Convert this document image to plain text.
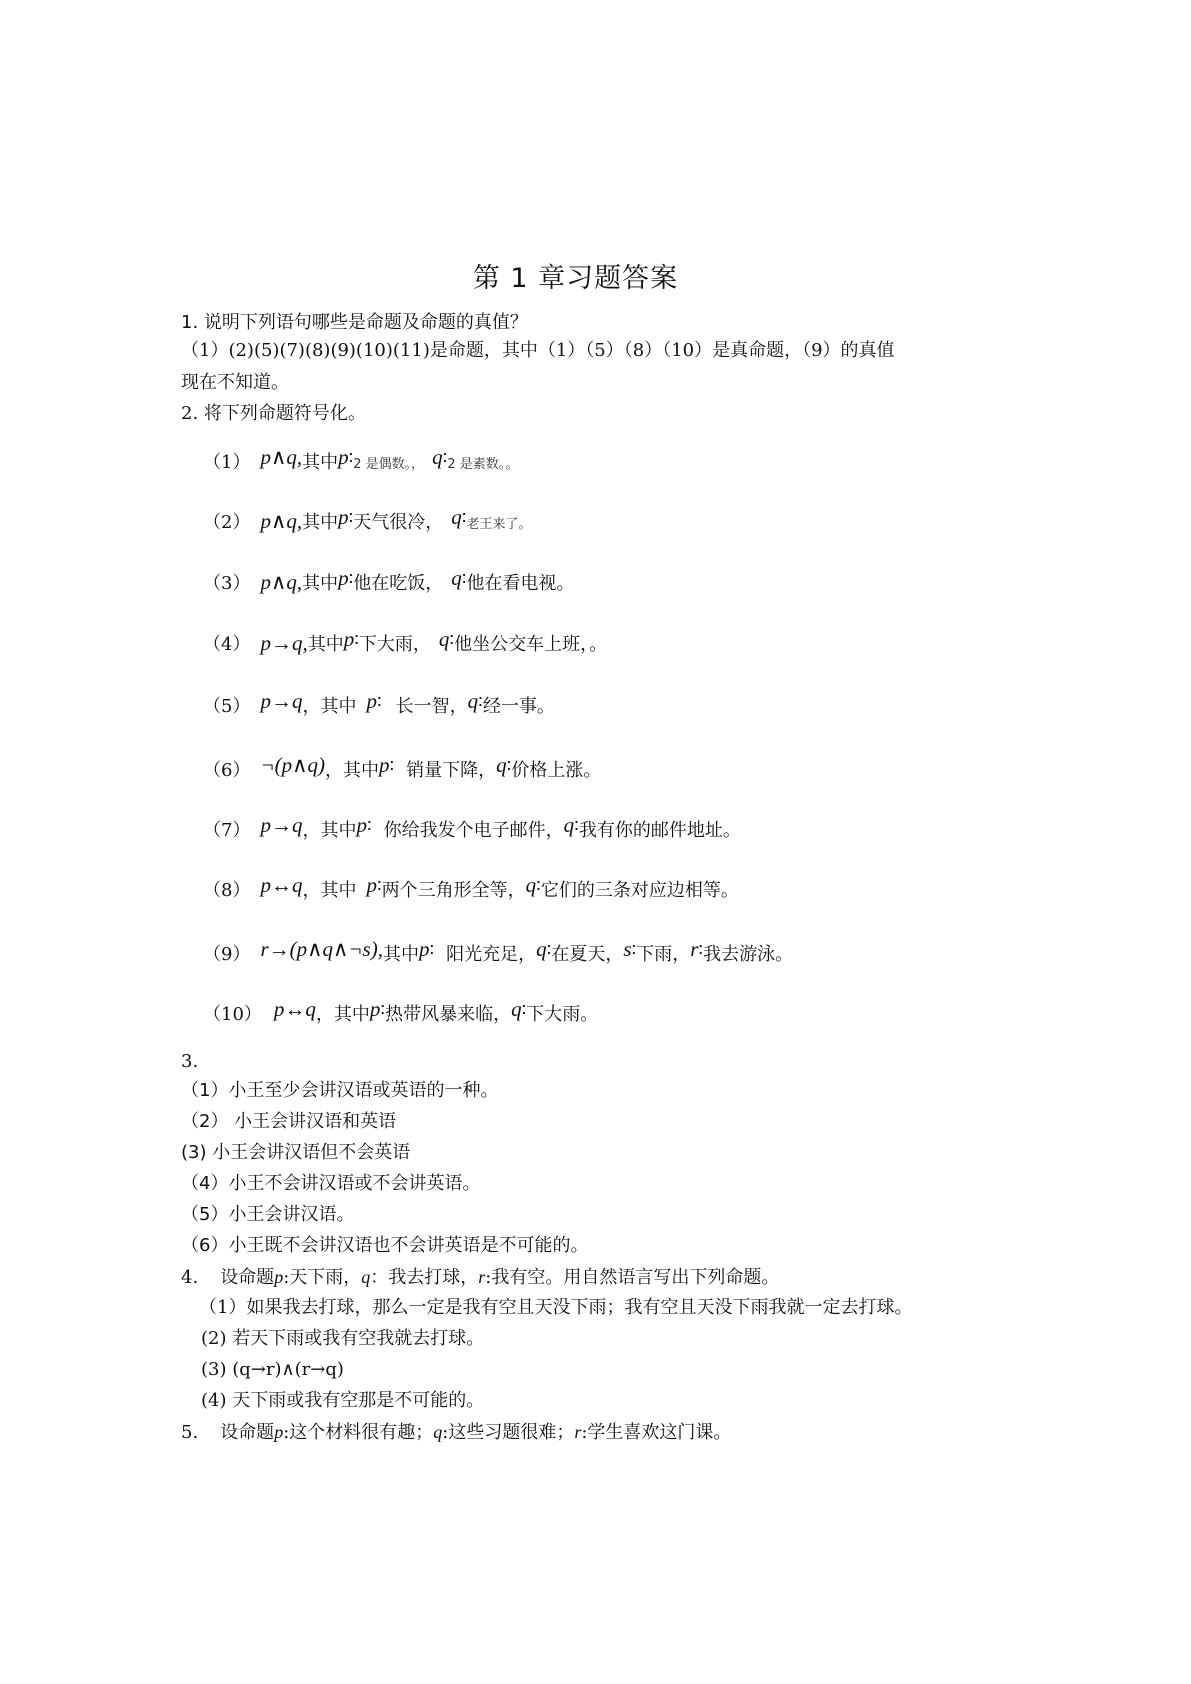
第 1 章习题答案
1. 说明下列语句哪些是命题及命题的真值？
（1）(2)(5)(7)(8)(9)(10)(11)是命题，其中（1）（5）（8）（10）是真命题，（9）的真值
现在不知道。
2. 将下列命题符号化。
（1） p∧q,其中p∶2 是偶数。， q∶2 是素数。。
（2） p∧q,其中p∶天气很冷， q∶老王来了。
（3） p∧q,其中p∶他在吃饭， q∶他在看电视。
（4） p→q,其中p∶下大雨， q∶他坐公交车上班，。
（5） p→q，其中 p∶ 长一智，q∶经一事。
（6） ¬(p∧q)，其中p∶ 销量下降，q∶价格上涨。
（7） p→q，其中p∶ 你给我发个电子邮件，q∶我有你的邮件地址。
（8） p↔q，其中 p∶两个三角形全等，q∶它们的三条对应边相等。
（9） r→(p∧q∧¬s),其中p∶ 阳光充足，q∶在夏天，s∶下雨，r∶我去游泳。
（10） p↔q，其中p∶热带风暴来临，q∶下大雨。
3.
（1）小王至少会讲汉语或英语的一种。
（2） 小王会讲汉语和英语
(3) 小王会讲汉语但不会英语
（4）小王不会讲汉语或不会讲英语。
（5）小王会讲汉语。
（6）小王既不会讲汉语也不会讲英语是不可能的。
4. 设命题p:天下雨，q：我去打球，r:我有空。用自然语言写出下列命题。
（1）如果我去打球，那么一定是我有空且天没下雨；我有空且天没下雨我就一定去打球。
(2) 若天下雨或我有空我就去打球。
(3) (q→r)∧(r→q)
(4) 天下雨或我有空那是不可能的。
5. 设命题p:这个材料很有趣；q:这些习题很难；r:学生喜欢这门课。
